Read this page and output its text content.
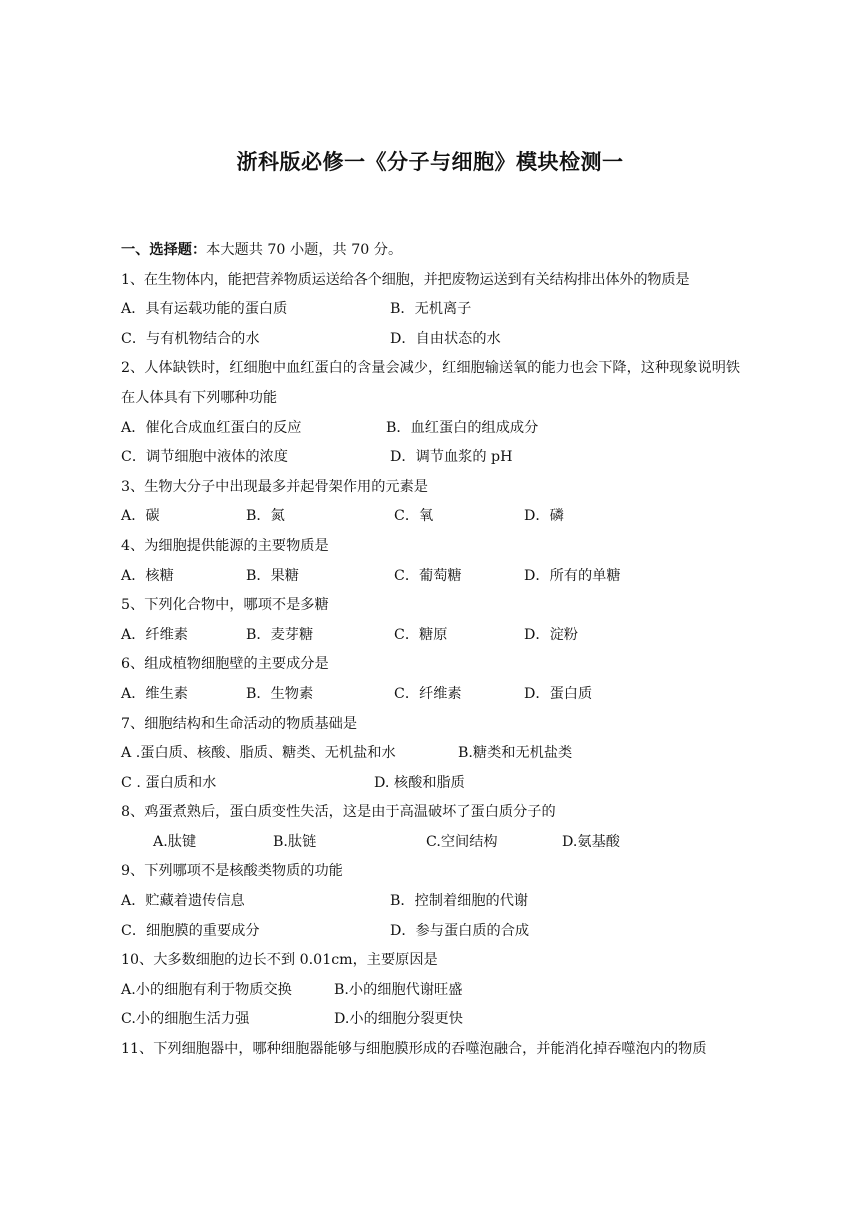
浙科版必修一《分子与细胞》模块检测一
一、选择题：本大题共 70 小题，共 70 分。
1、在生物体内，能把营养物质运送给各个细胞，并把废物运送到有关结构排出体外的物质是
A．具有运载功能的蛋白质	B．无机离子
C．与有机物结合的水	D．自由状态的水
2、人体缺铁时，红细胞中血红蛋白的含量会减少，红细胞输送氧的能力也会下降，这种现象说明铁在人体具有下列哪种功能
A．催化合成血红蛋白的反应	B．血红蛋白的组成成分
C．调节细胞中液体的浓度	D．调节血浆的 pH
3、生物大分子中出现最多并起骨架作用的元素是
A．碳	B．氮	C．氧	D．磷
4、为细胞提供能源的主要物质是
A．核糖	B．果糖	C．葡萄糖	D．所有的单糖
5、下列化合物中，哪项不是多糖
A．纤维素	B．麦芽糖	C．糖原	D．淀粉
6、组成植物细胞壁的主要成分是
A．维生素	B．生物素	C．纤维素	D．蛋白质
7、细胞结构和生命活动的物质基础是
A .蛋白质、核酸、脂质、糖类、无机盐和水	B.糖类和无机盐类
C . 蛋白质和水	D. 核酸和脂质
8、鸡蛋煮熟后，蛋白质变性失活，这是由于高温破坏了蛋白质分子的
A.肽键	B.肽链	C.空间结构	D.氨基酸
9、下列哪项不是核酸类物质的功能
A．贮藏着遗传信息	B．控制着细胞的代谢
C．细胞膜的重要成分	D．参与蛋白质的合成
10、大多数细胞的边长不到 0.01cm，主要原因是
A.小的细胞有利于物质交换	B.小的细胞代谢旺盛
C.小的细胞生活力强	D.小的细胞分裂更快
11、下列细胞器中，哪种细胞器能够与细胞膜形成的吞噬泡融合，并能消化掉吞噬泡内的物质
